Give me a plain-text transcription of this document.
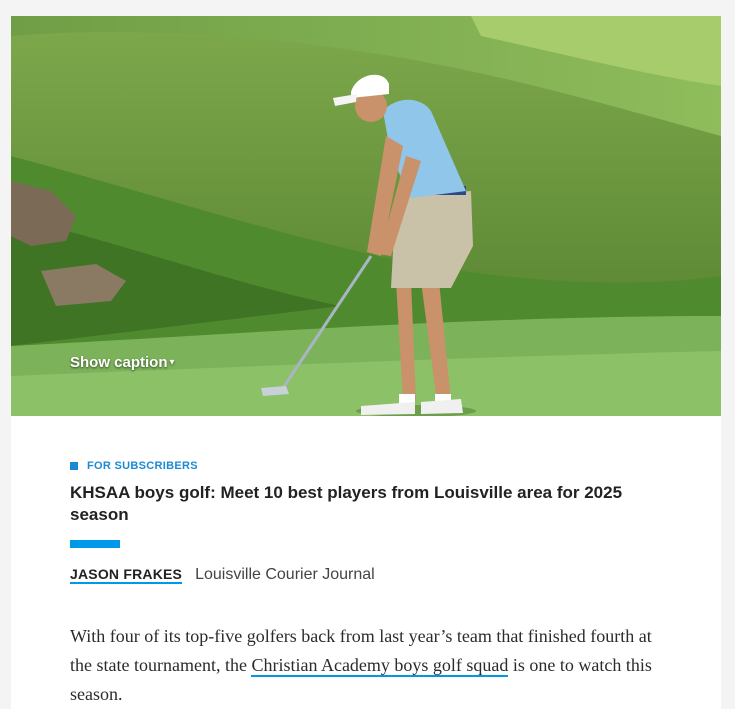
Show caption ▾
FOR SUBSCRIBERS
KHSAA boys golf: Meet 10 best players from Louisville area for 2025 season
JASON FRAKES Louisville Courier Journal

With four of its top-five golfers back from last year’s team that finished fourth at the state tournament, the Christian Academy boys golf squad is one to watch this season.
